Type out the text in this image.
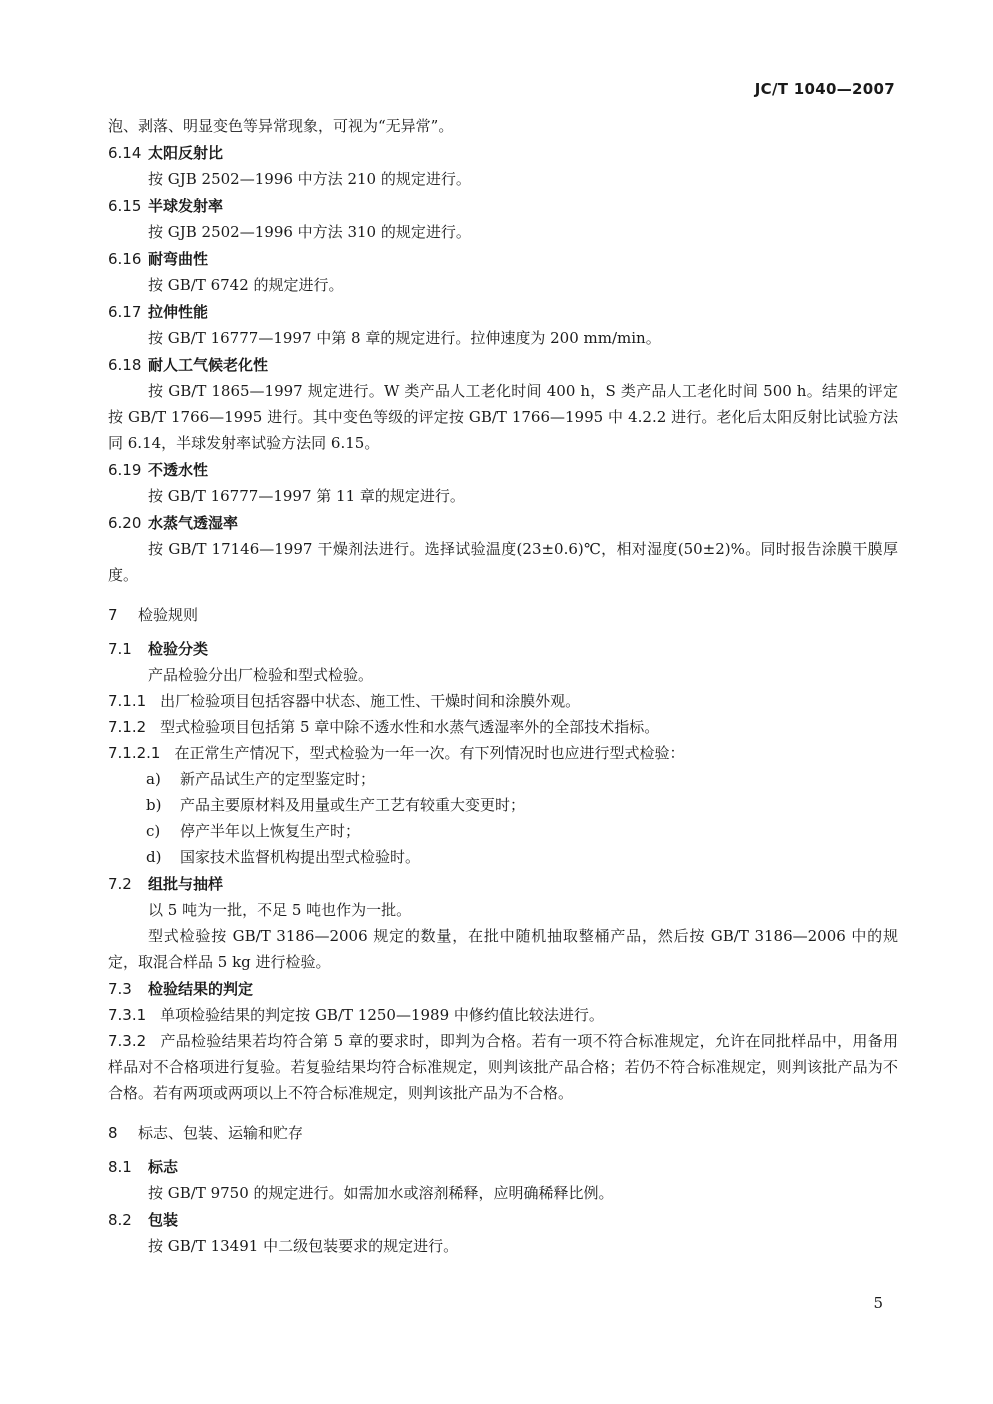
JC/T 1040—2007
泡、剥落、明显变色等异常现象，可视为“无异常”。
6.14 太阳反射比
按 GJB 2502—1996 中方法 210 的规定进行。
6.15 半球发射率
按 GJB 2502—1996 中方法 310 的规定进行。
6.16 耐弯曲性
按 GB/T 6742 的规定进行。
6.17 拉伸性能
按 GB/T 16777—1997 中第 8 章的规定进行。拉伸速度为 200 mm/min。
6.18 耐人工气候老化性
按 GB/T 1865—1997 规定进行。W 类产品人工老化时间 400 h，S 类产品人工老化时间 500 h。结果的评定按 GB/T 1766—1995 进行。其中变色等级的评定按 GB/T 1766—1995 中 4.2.2 进行。老化后太阳反射比试验方法同 6.14，半球发射率试验方法同 6.15。
6.19 不透水性
按 GB/T 16777—1997 第 11 章的规定进行。
6.20 水蒸气透湿率
按 GB/T 17146—1997 干燥剂法进行。选择试验温度(23±0.6)℃，相对湿度(50±2)%。同时报告涂膜干膜厚度。
7 检验规则
7.1 检验分类
产品检验分出厂检验和型式检验。
7.1.1 出厂检验项目包括容器中状态、施工性、干燥时间和涂膜外观。
7.1.2 型式检验项目包括第 5 章中除不透水性和水蒸气透湿率外的全部技术指标。
7.1.2.1 在正常生产情况下，型式检验为一年一次。有下列情况时也应进行型式检验：
a) 新产品试生产的定型鉴定时；
b) 产品主要原材料及用量或生产工艺有较重大变更时；
c) 停产半年以上恢复生产时；
d) 国家技术监督机构提出型式检验时。
7.2 组批与抽样
以 5 吨为一批，不足 5 吨也作为一批。
型式检验按 GB/T 3186—2006 规定的数量，在批中随机抽取整桶产品，然后按 GB/T 3186—2006 中的规定，取混合样品 5 kg 进行检验。
7.3 检验结果的判定
7.3.1 单项检验结果的判定按 GB/T 1250—1989 中修约值比较法进行。
7.3.2 产品检验结果若均符合第 5 章的要求时，即判为合格。若有一项不符合标准规定，允许在同批样品中，用备用样品对不合格项进行复验。若复验结果均符合标准规定，则判该批产品合格；若仍不符合标准规定，则判该批产品为不合格。若有两项或两项以上不符合标准规定，则判该批产品为不合格。
8 标志、包装、运输和贮存
8.1 标志
按 GB/T 9750 的规定进行。如需加水或溶剂稀释，应明确稀释比例。
8.2 包装
按 GB/T 13491 中二级包装要求的规定进行。
5
